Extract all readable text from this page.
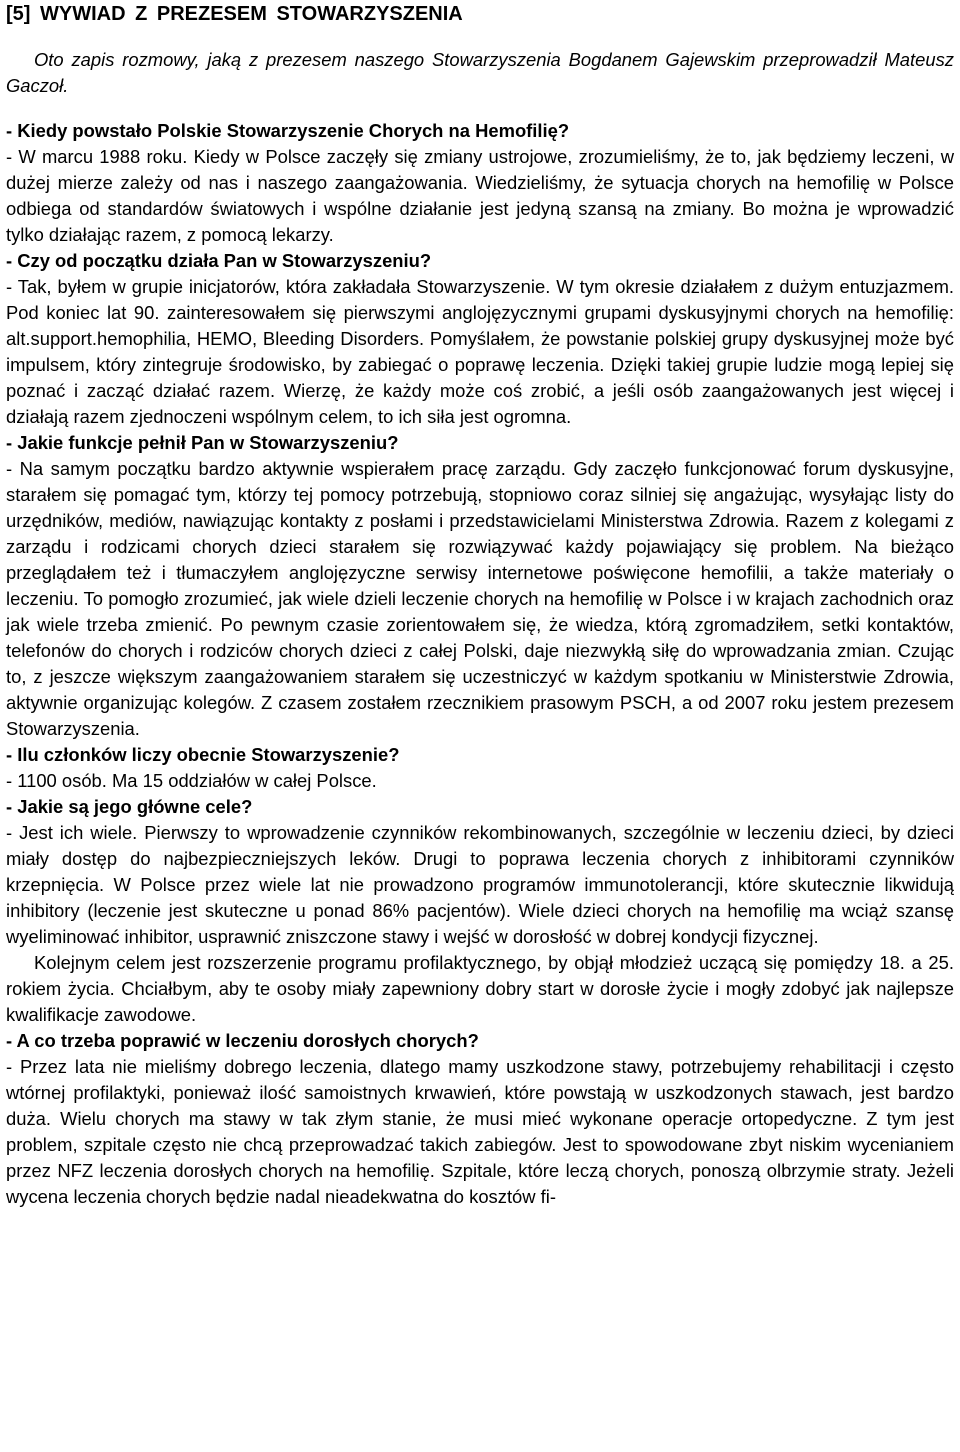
[5] WYWIAD Z PREZESEM STOWARZYSZENIA

Oto zapis rozmowy, jaką z prezesem naszego Stowarzyszenia Bogdanem Gajewskim przeprowadził Mateusz Gaczoł.

- Kiedy powstało Polskie Stowarzyszenie Chorych na Hemofilię?

- W marcu 1988 roku. Kiedy w Polsce zaczęły się zmiany ustrojowe, zrozumieliśmy, że to, jak będziemy leczeni, w dużej mierze zależy od nas i naszego zaangażowania. Wiedzieliśmy, że sytuacja chorych na hemofilię w Polsce odbiega od standardów światowych i wspólne działanie jest jedyną szansą na zmiany. Bo można je wprowadzić tylko działając razem, z pomocą lekarzy.

- Czy od początku działa Pan w Stowarzyszeniu?

- Tak, byłem w grupie inicjatorów, która zakładała Stowarzyszenie. W tym okresie działałem z dużym entuzjazmem. Pod koniec lat 90. zainteresowałem się pierwszymi anglojęzycznymi grupami dyskusyjnymi chorych na hemofilię: alt.support.hemophilia, HEMO, Bleeding Disorders. Pomyślałem, że powstanie polskiej grupy dyskusyjnej może być impulsem, który zintegruje środowisko, by zabiegać o poprawę leczenia. Dzięki takiej grupie ludzie mogą lepiej się poznać i zacząć działać razem. Wierzę, że każdy może coś zrobić, a jeśli osób zaangażowanych jest więcej i działają razem zjednoczeni wspólnym celem, to ich siła jest ogromna.

- Jakie funkcje pełnił Pan w Stowarzyszeniu?

- Na samym początku bardzo aktywnie wspierałem pracę zarządu. Gdy zaczęło funkcjonować forum dyskusyjne, starałem się pomagać tym, którzy tej pomocy potrzebują, stopniowo coraz silniej się angażując, wysyłając listy do urzędników, mediów, nawiązując kontakty z posłami i przedstawicielami Ministerstwa Zdrowia. Razem z kolegami z zarządu i rodzicami chorych dzieci starałem się rozwiązywać każdy pojawiający się problem. Na bieżąco przeglądałem też i tłumaczyłem anglojęzyczne serwisy internetowe poświęcone hemofilii, a także materiały o leczeniu. To pomogło zrozumieć, jak wiele dzieli leczenie chorych na hemofilię w Polsce i w krajach zachodnich oraz jak wiele trzeba zmienić. Po pewnym czasie zorientowałem się, że wiedza, którą zgromadziłem, setki kontaktów, telefonów do chorych i rodziców chorych dzieci z całej Polski, daje niezwykłą siłę do wprowadzania zmian. Czując to, z jeszcze większym zaangażowaniem starałem się uczestniczyć w każdym spotkaniu w Ministerstwie Zdrowia, aktywnie organizując kolegów. Z czasem zostałem rzecznikiem prasowym PSCH, a od 2007 roku jestem prezesem Stowarzyszenia.

- Ilu członków liczy obecnie Stowarzyszenie?

- 1100 osób. Ma 15 oddziałów w całej Polsce.

- Jakie są jego główne cele?

- Jest ich wiele. Pierwszy to wprowadzenie czynników rekombinowanych, szczególnie w leczeniu dzieci, by dzieci miały dostęp do najbezpieczniejszych leków. Drugi to poprawa leczenia chorych z inhibitorami czynników krzepnięcia. W Polsce przez wiele lat nie prowadzono programów immunotolerancji, które skutecznie likwidują inhibitory (leczenie jest skuteczne u ponad 86% pacjentów). Wiele dzieci chorych na hemofilię ma wciąż szansę wyeliminować inhibitor, usprawnić zniszczone stawy i wejść w dorosłość w dobrej kondycji fizycznej.

Kolejnym celem jest rozszerzenie programu profilaktycznego, by objął młodzież uczącą się pomiędzy 18. a 25. rokiem życia. Chciałbym, aby te osoby miały zapewniony dobry start w dorosłe życie i mogły zdobyć jak najlepsze kwalifikacje zawodowe.

- A co trzeba poprawić w leczeniu dorosłych chorych?

- Przez lata nie mieliśmy dobrego leczenia, dlatego mamy uszkodzone stawy, potrzebujemy rehabilitacji i często wtórnej profilaktyki, ponieważ ilość samoistnych krwawień, które powstają w uszkodzonych stawach, jest bardzo duża. Wielu chorych ma stawy w tak złym stanie, że musi mieć wykonane operacje ortopedyczne. Z tym jest problem, szpitale często nie chcą przeprowadzać takich zabiegów. Jest to spowodowane zbyt niskim wycenianiem przez NFZ leczenia dorosłych chorych na hemofilię. Szpitale, które leczą chorych, ponoszą olbrzymie straty. Jeżeli wycena leczenia chorych będzie nadal nieadekwatna do kosztów fi-
